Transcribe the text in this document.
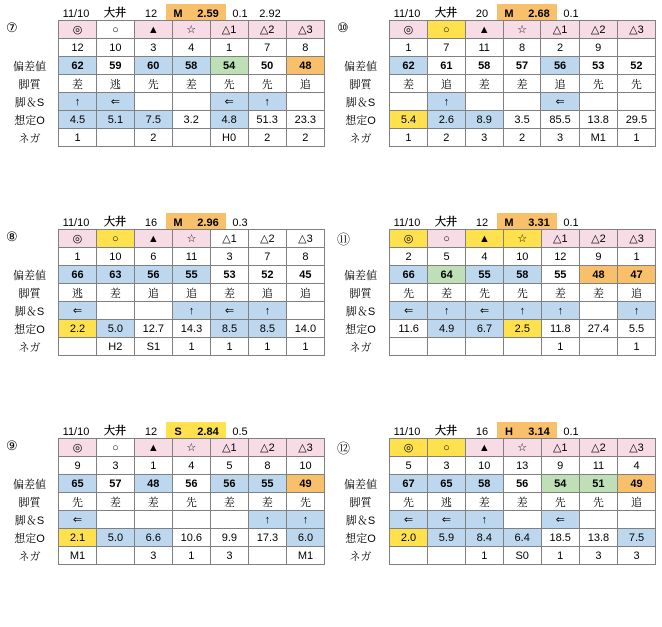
⑦
	11/10	大井	12	M	2.59	0.1	2.92
	◎	○	▲	☆	△1	△2	△3
	12	10	3	4	1	7	8
偏差値	62	59	60	58	54	50	48
脚質	差	逃	先	差	先	先	追
脚＆S	↑	⇐			⇐	↑	
想定O	4.5	5.1	7.5	3.2	4.8	51.3	23.3
ネガ	1		2		H0	2	2
⑩
	11/10	大井	20	M	2.68	0.1	
	◎	○	▲	☆	△1	△2	△3
	1	7	11	8	2	9	
偏差値	62	61	58	57	56	53	52
脚質	差	追	差	差	追	先	先
脚＆S		↑			⇐		
想定O	5.4	2.6	8.9	3.5	85.5	13.8	29.5
ネガ	1	2	3	2	3	M1	1
⑧
	11/10	大井	16	M	2.96	0.3	
	◎	○	▲	☆	△1	△2	△3
	1	10	6	11	3	7	8
偏差値	66	63	56	55	53	52	45
脚質	逃	差	追	追	差	追	追
脚＆S	⇐			↑	⇐	↑	
想定O	2.2	5.0	12.7	14.3	8.5	8.5	14.0
ネガ		H2	S1	1	1	1	1
⑪
	11/10	大井	12	M	3.31	0.1	
	◎	○	▲	☆	△1	△2	△3
	2	5	4	10	12	9	1
偏差値	66	64	55	58	55	48	47
脚質	先	差	先	先	差	差	追
脚＆S	⇐	↑	⇐	↑	↑		↑
想定O	11.6	4.9	6.7	2.5	11.8	27.4	5.5
ネガ					1		1
⑨
	11/10	大井	12	S	2.84	0.5	
	◎	○	▲	☆	△1	△2	△3
	9	3	1	4	5	8	10
偏差値	65	57	48	56	56	55	49
脚質	先	差	差	先	差	差	先
脚＆S	⇐					↑	↑
想定O	2.1	5.0	6.6	10.6	9.9	17.3	6.0
ネガ	M1		3	1	3		M1
⑫
	11/10	大井	16	H	3.14	0.1	
	◎	○	▲	☆	△1	△2	△3
	5	3	10	13	9	11	4
偏差値	67	65	58	56	54	51	49
脚質	先	逃	差	差	先	先	追
脚＆S	⇐	⇐	↑		⇐		
想定O	2.0	5.9	8.4	6.4	18.5	13.8	7.5
ネガ			1	S0	1	3	3
